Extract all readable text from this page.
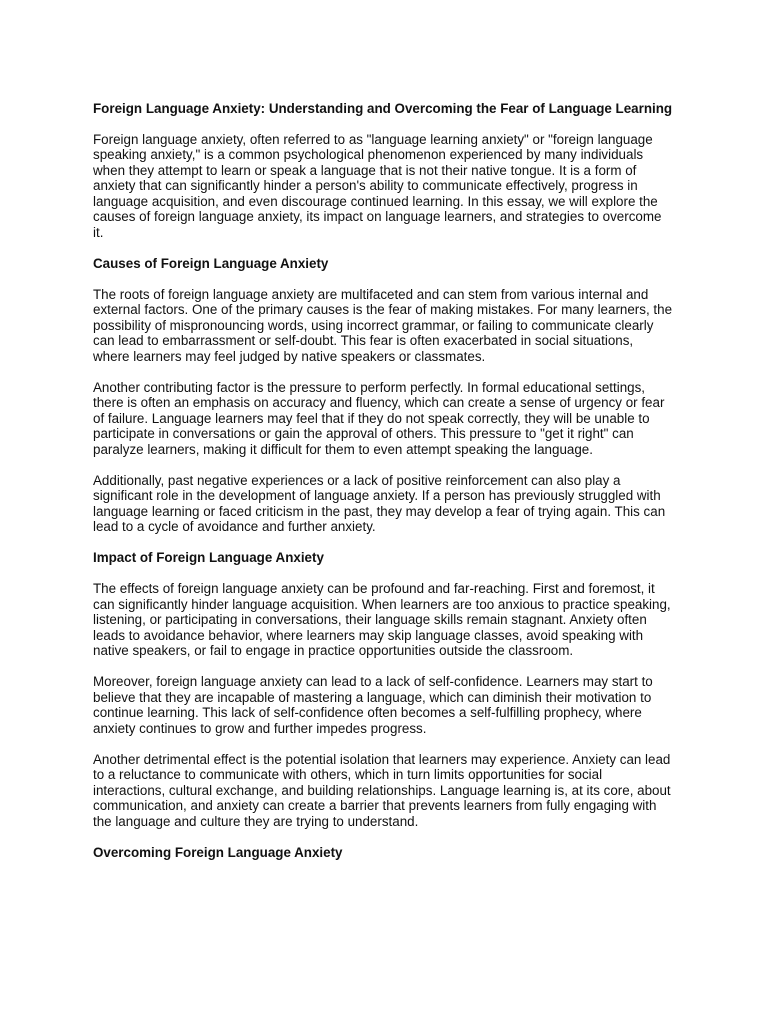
Foreign Language Anxiety: Understanding and Overcoming the Fear of Language Learning

Foreign language anxiety, often referred to as "language learning anxiety" or "foreign language speaking anxiety," is a common psychological phenomenon experienced by many individuals when they attempt to learn or speak a language that is not their native tongue. It is a form of anxiety that can significantly hinder a person's ability to communicate effectively, progress in language acquisition, and even discourage continued learning. In this essay, we will explore the causes of foreign language anxiety, its impact on language learners, and strategies to overcome it.

Causes of Foreign Language Anxiety

The roots of foreign language anxiety are multifaceted and can stem from various internal and external factors. One of the primary causes is the fear of making mistakes. For many learners, the possibility of mispronouncing words, using incorrect grammar, or failing to communicate clearly can lead to embarrassment or self-doubt. This fear is often exacerbated in social situations, where learners may feel judged by native speakers or classmates.

Another contributing factor is the pressure to perform perfectly. In formal educational settings, there is often an emphasis on accuracy and fluency, which can create a sense of urgency or fear of failure. Language learners may feel that if they do not speak correctly, they will be unable to participate in conversations or gain the approval of others. This pressure to "get it right" can paralyze learners, making it difficult for them to even attempt speaking the language.

Additionally, past negative experiences or a lack of positive reinforcement can also play a significant role in the development of language anxiety. If a person has previously struggled with language learning or faced criticism in the past, they may develop a fear of trying again. This can lead to a cycle of avoidance and further anxiety.

Impact of Foreign Language Anxiety

The effects of foreign language anxiety can be profound and far-reaching. First and foremost, it can significantly hinder language acquisition. When learners are too anxious to practice speaking, listening, or participating in conversations, their language skills remain stagnant. Anxiety often leads to avoidance behavior, where learners may skip language classes, avoid speaking with native speakers, or fail to engage in practice opportunities outside the classroom.

Moreover, foreign language anxiety can lead to a lack of self-confidence. Learners may start to believe that they are incapable of mastering a language, which can diminish their motivation to continue learning. This lack of self-confidence often becomes a self-fulfilling prophecy, where anxiety continues to grow and further impedes progress.

Another detrimental effect is the potential isolation that learners may experience. Anxiety can lead to a reluctance to communicate with others, which in turn limits opportunities for social interactions, cultural exchange, and building relationships. Language learning is, at its core, about communication, and anxiety can create a barrier that prevents learners from fully engaging with the language and culture they are trying to understand.

Overcoming Foreign Language Anxiety
